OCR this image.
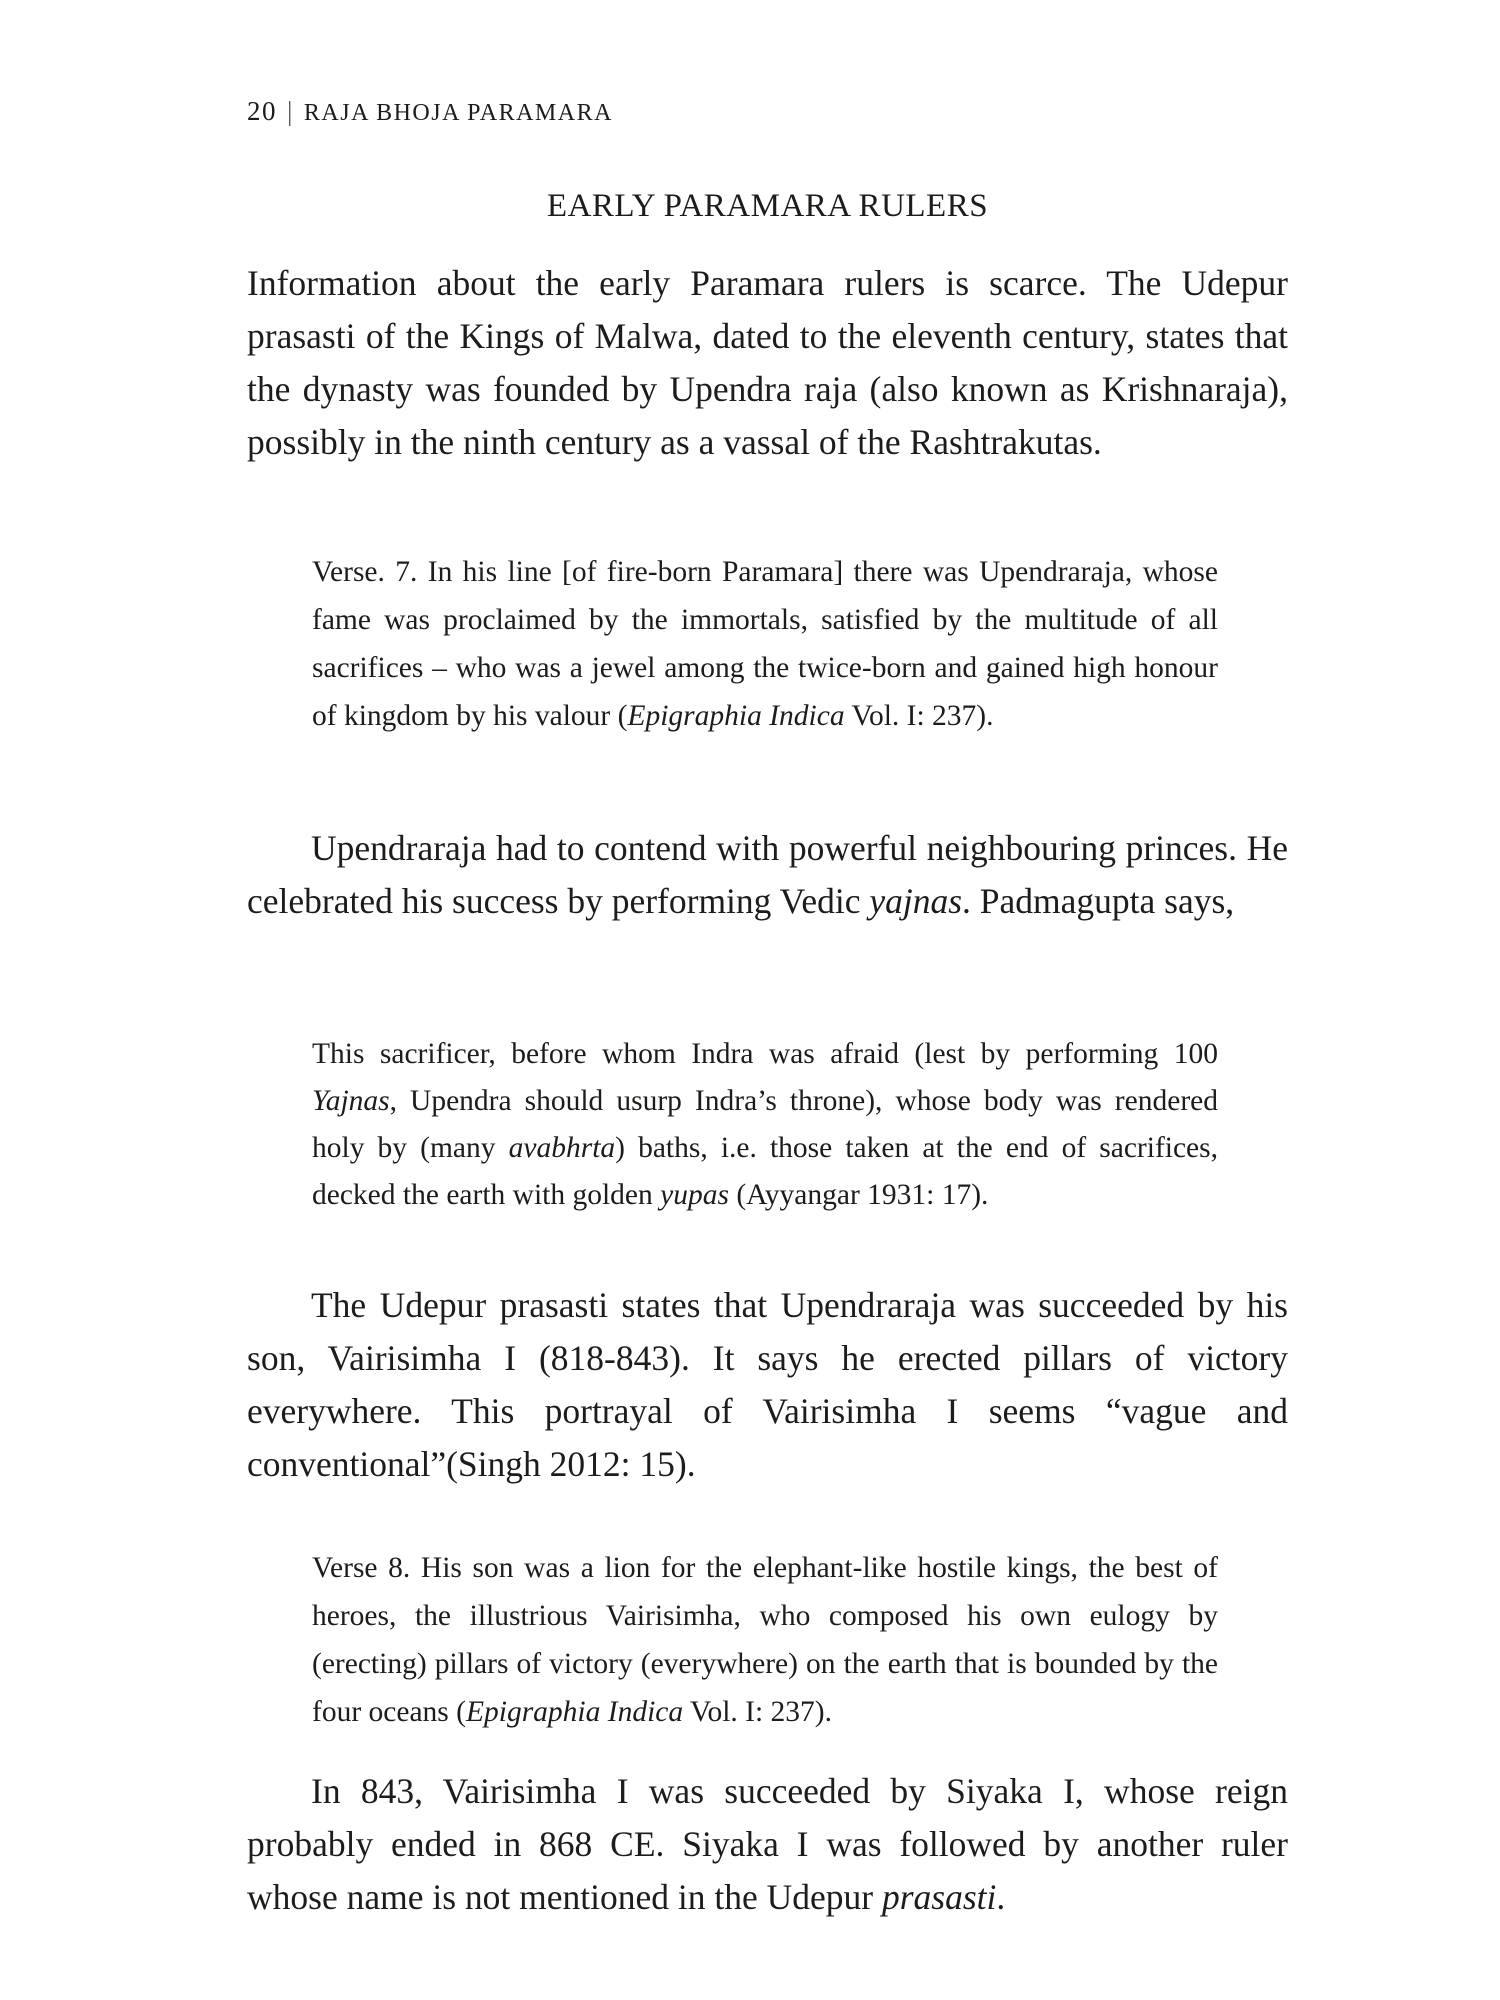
20 | RAJA BHOJA PARAMARA
EARLY PARAMARA RULERS

Information about the early Paramara rulers is scarce. The Udepur prasasti of the Kings of Malwa, dated to the eleventh century, states that the dynasty was founded by Upendra raja (also known as Krishnaraja), possibly in the ninth century as a vassal of the Rashtrakutas.

Verse. 7. In his line [of fire-born Paramara] there was Upendraraja, whose fame was proclaimed by the immortals, satisfied by the multitude of all sacrifices – who was a jewel among the twice-born and gained high honour of kingdom by his valour (Epigraphia Indica Vol. I: 237).

Upendraraja had to contend with powerful neighbouring princes. He celebrated his success by performing Vedic yajnas. Padmagupta says,

This sacrificer, before whom Indra was afraid (lest by performing 100 Yajnas, Upendra should usurp Indra’s throne), whose body was rendered holy by (many avabhrta) baths, i.e. those taken at the end of sacrifices, decked the earth with golden yupas (Ayyangar 1931: 17).

The Udepur prasasti states that Upendraraja was succeeded by his son, Vairisimha I (818-843). It says he erected pillars of victory everywhere. This portrayal of Vairisimha I seems “vague and conventional”(Singh 2012: 15).

Verse 8. His son was a lion for the elephant-like hostile kings, the best of heroes, the illustrious Vairisimha, who composed his own eulogy by (erecting) pillars of victory (everywhere) on the earth that is bounded by the four oceans (Epigraphia Indica Vol. I: 237).

In 843, Vairisimha I was succeeded by Siyaka I, whose reign probably ended in 868 CE. Siyaka I was followed by another ruler whose name is not mentioned in the Udepur prasasti.
